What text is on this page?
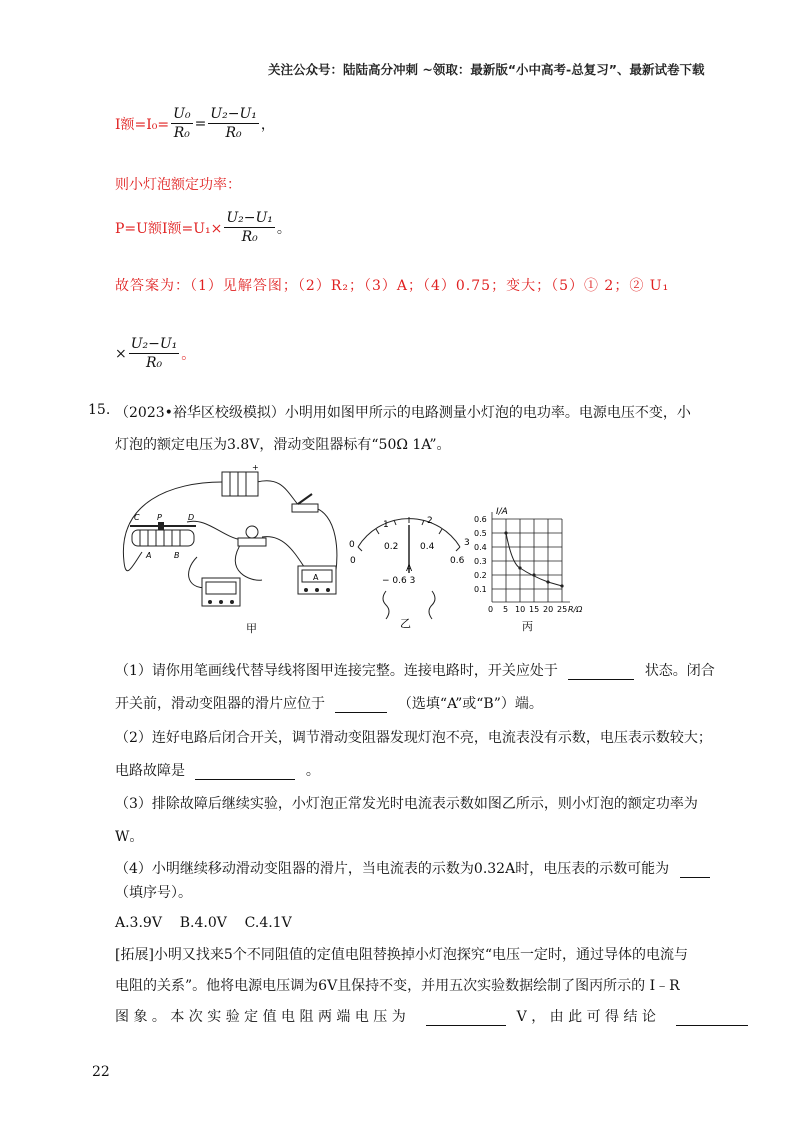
关注公众号：陆陆高分冲刺 ~领取：最新版“小中高考-总复习”、最新试卷下载
I额$=I_0= \frac{\text{U₀}}{\text{R₀}} = \frac{\text{U₂−U₁}}{\text{R₀}}$ ，
则小灯泡额定功率：
P=U额I额$=U_1\times \frac{\text{U₂−U₁}}{\text{R₀}}$ 。
故答案为：（1）见解答图；（2）R₂；（3）A；（4）0.75；变大；（5）① 2；② U₁
× $\frac{\text{U₂−U₁}}{\text{R₀}}$ 。
15. （2023•裕华区校级模拟）小明用如图甲所示的电路测量小灯泡的电功率。电源电压不变，小
灯泡的额定电压为3.8V，滑动变阻器标有“50Ω 1A”。
+
C P	D
A	B
A
甲
0
1	2
3
0
0.2 0.4
0.6
A
− 0.6 3
乙
I/A
0.6
0.5
0.4
0.3
0.2
0.1
0 5 10 15 20 25 R/Ω
丙
（1）请你用笔画线代替导线将图甲连接完整。连接电路时，开关应处于	状态。闭合
开关前，滑动变阻器的滑片应位于	（选填“A”或“B”）端。
（2）连好电路后闭合开关，调节滑动变阻器发现灯泡不亮，电流表没有示数，电压表示数较大；
电路故障是	。
（3）排除故障后继续实验，小灯泡正常发光时电流表示数如图乙所示，则小灯泡的额定功率为
W。
（4）小明继续移动滑动变阻器的滑片，当电流表的示数为0.32A时，电压表的示数可能为
（填序号）。
A.3.9V    B.4.0V    C.4.1V
[拓展]小明又找来5个不同阻值的定值电阻替换掉小灯泡探究“电压一定时，通过导体的电流与
电阻的关系”。他将电源电压调为6V且保持不变，并用五次实验数据绘制了图丙所示的 I﹣R
图 象 。 本 次 实 验 定 值 电 阻 两 端 电 压 为	V ， 由 此 可 得 结 论
22
